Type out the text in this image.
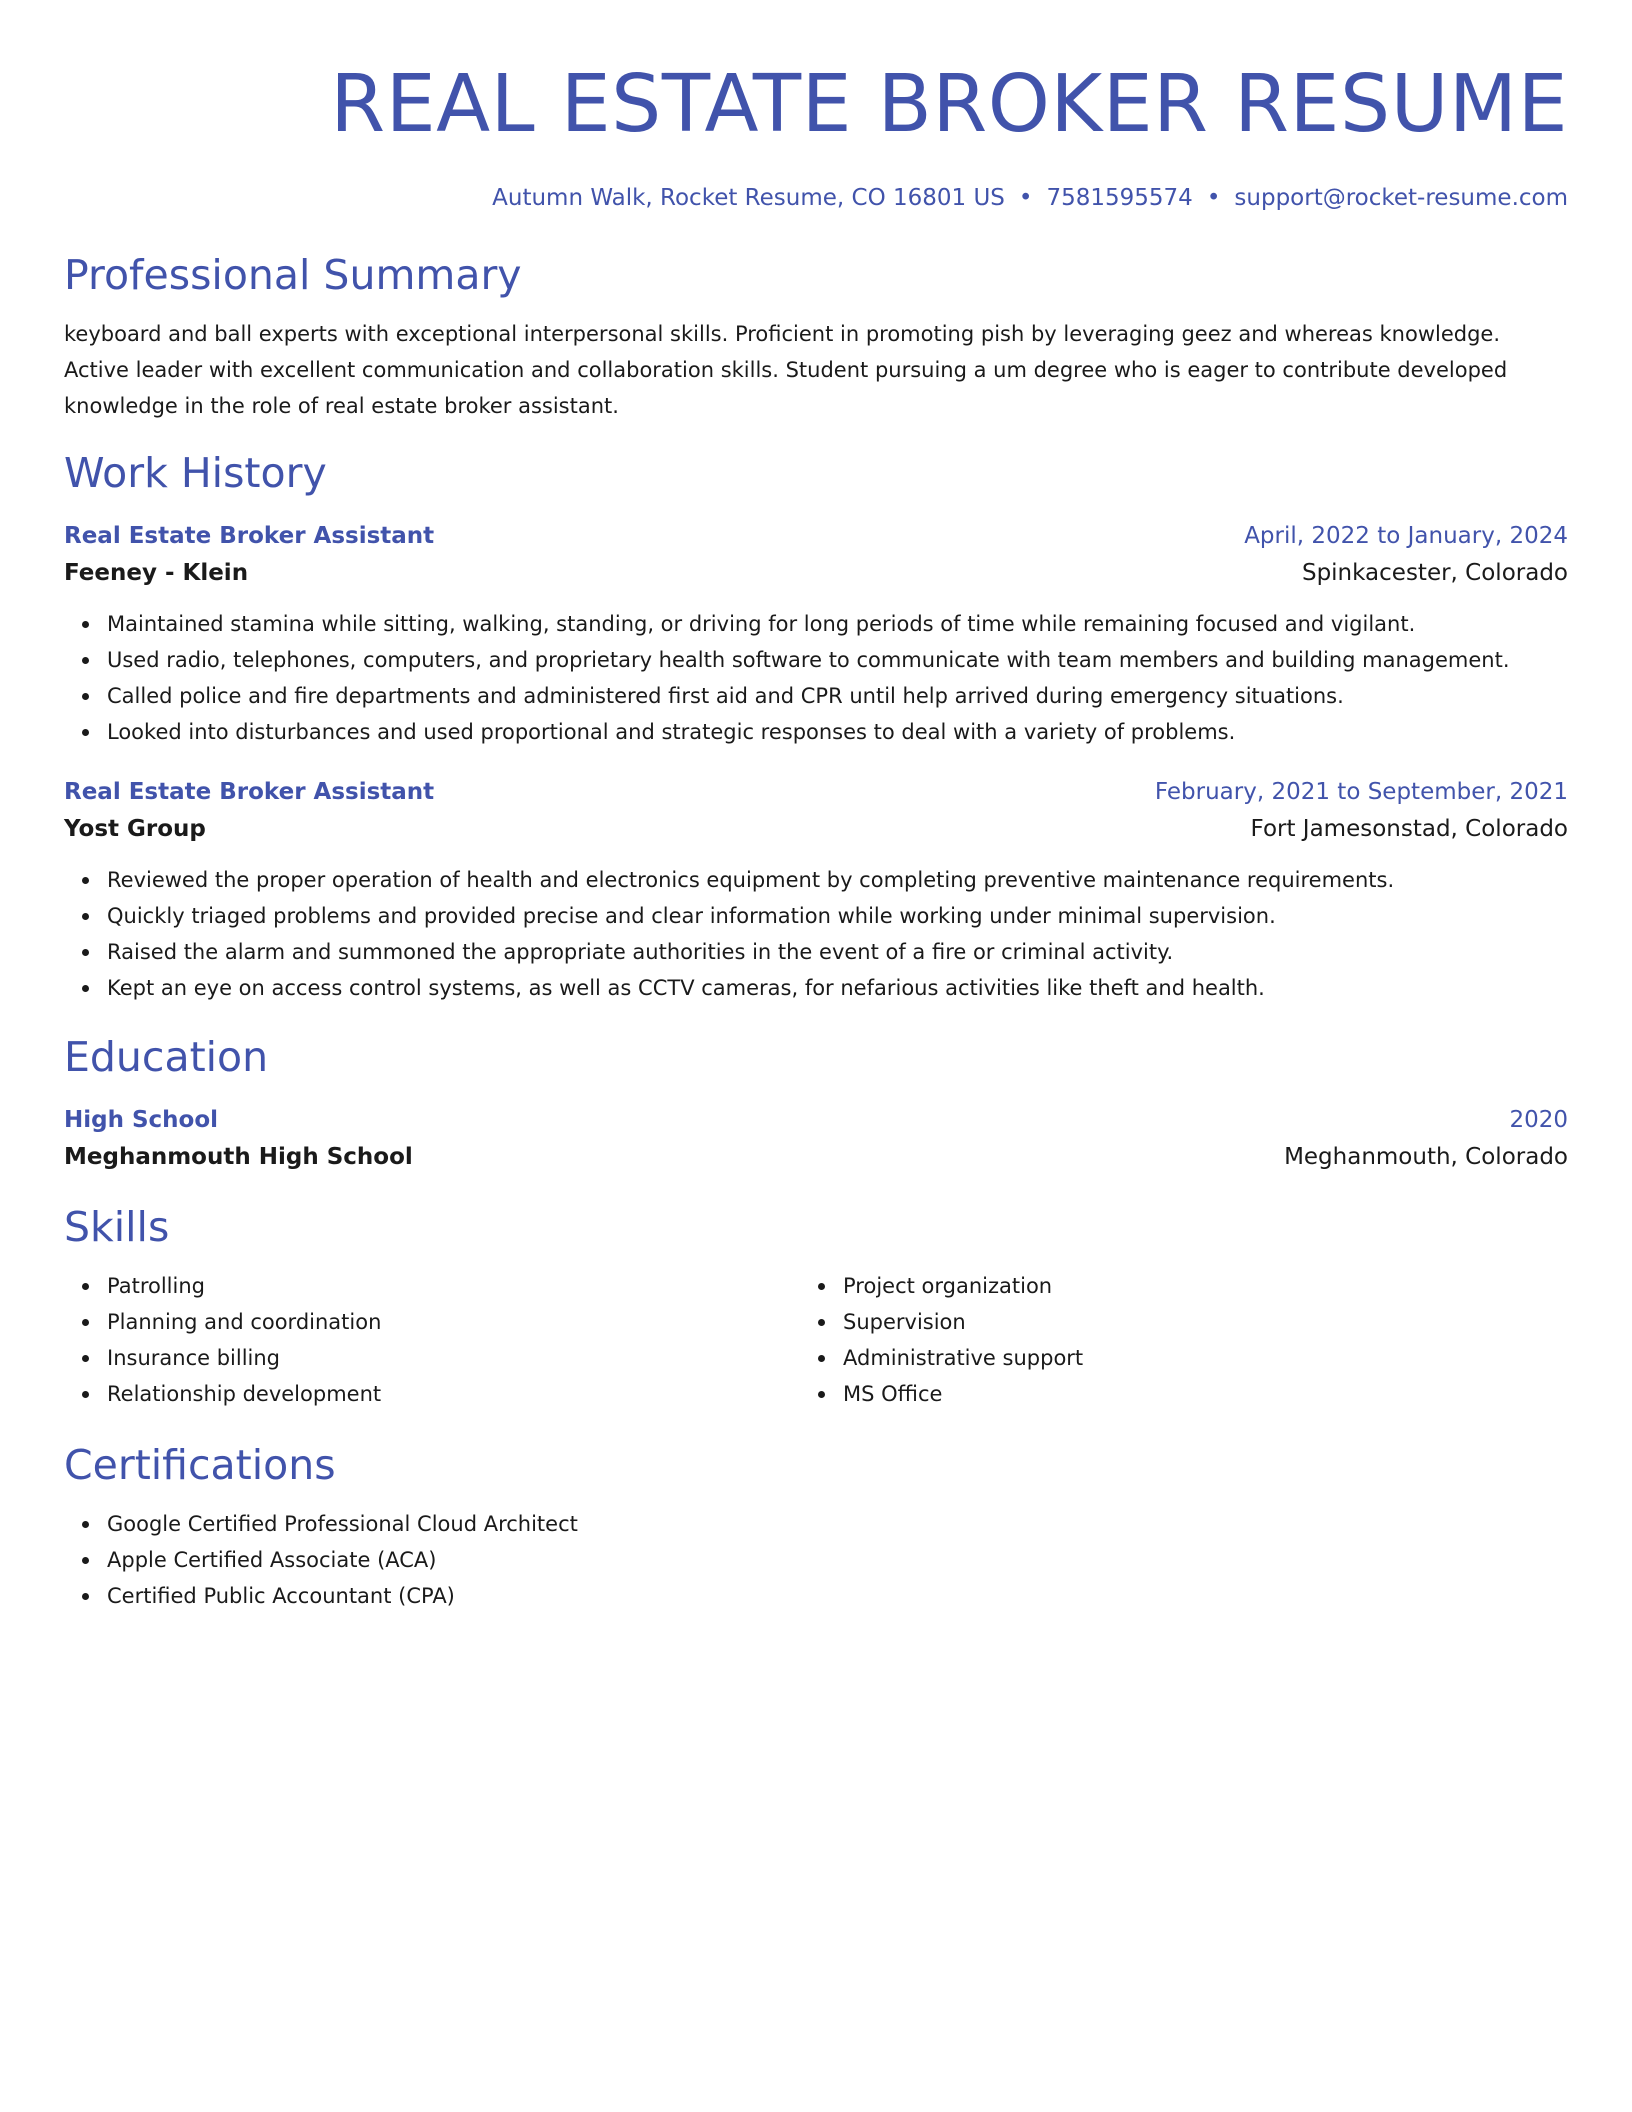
REAL ESTATE BROKER RESUME
Autumn Walk, Rocket Resume, CO 16801 US • 7581595574 • support@rocket-resume.com
Professional Summary
keyboard and ball experts with exceptional interpersonal skills. Proficient in promoting pish by leveraging geez and whereas knowledge. Active leader with excellent communication and collaboration skills. Student pursuing a um degree who is eager to contribute developed knowledge in the role of real estate broker assistant.
Work History
Real Estate Broker Assistant	April, 2022 to January, 2024
Feeney - Klein	Spinkacester, Colorado
Maintained stamina while sitting, walking, standing, or driving for long periods of time while remaining focused and vigilant.
Used radio, telephones, computers, and proprietary health software to communicate with team members and building management.
Called police and fire departments and administered first aid and CPR until help arrived during emergency situations.
Looked into disturbances and used proportional and strategic responses to deal with a variety of problems.
Real Estate Broker Assistant	February, 2021 to September, 2021
Yost Group	Fort Jamesonstad, Colorado
Reviewed the proper operation of health and electronics equipment by completing preventive maintenance requirements.
Quickly triaged problems and provided precise and clear information while working under minimal supervision.
Raised the alarm and summoned the appropriate authorities in the event of a fire or criminal activity.
Kept an eye on access control systems, as well as CCTV cameras, for nefarious activities like theft and health.
Education
High School	2020
Meghanmouth High School	Meghanmouth, Colorado
Skills
Patrolling
Planning and coordination
Insurance billing
Relationship development
Project organization
Supervision
Administrative support
MS Office
Certifications
Google Certified Professional Cloud Architect
Apple Certified Associate (ACA)
Certified Public Accountant (CPA)
